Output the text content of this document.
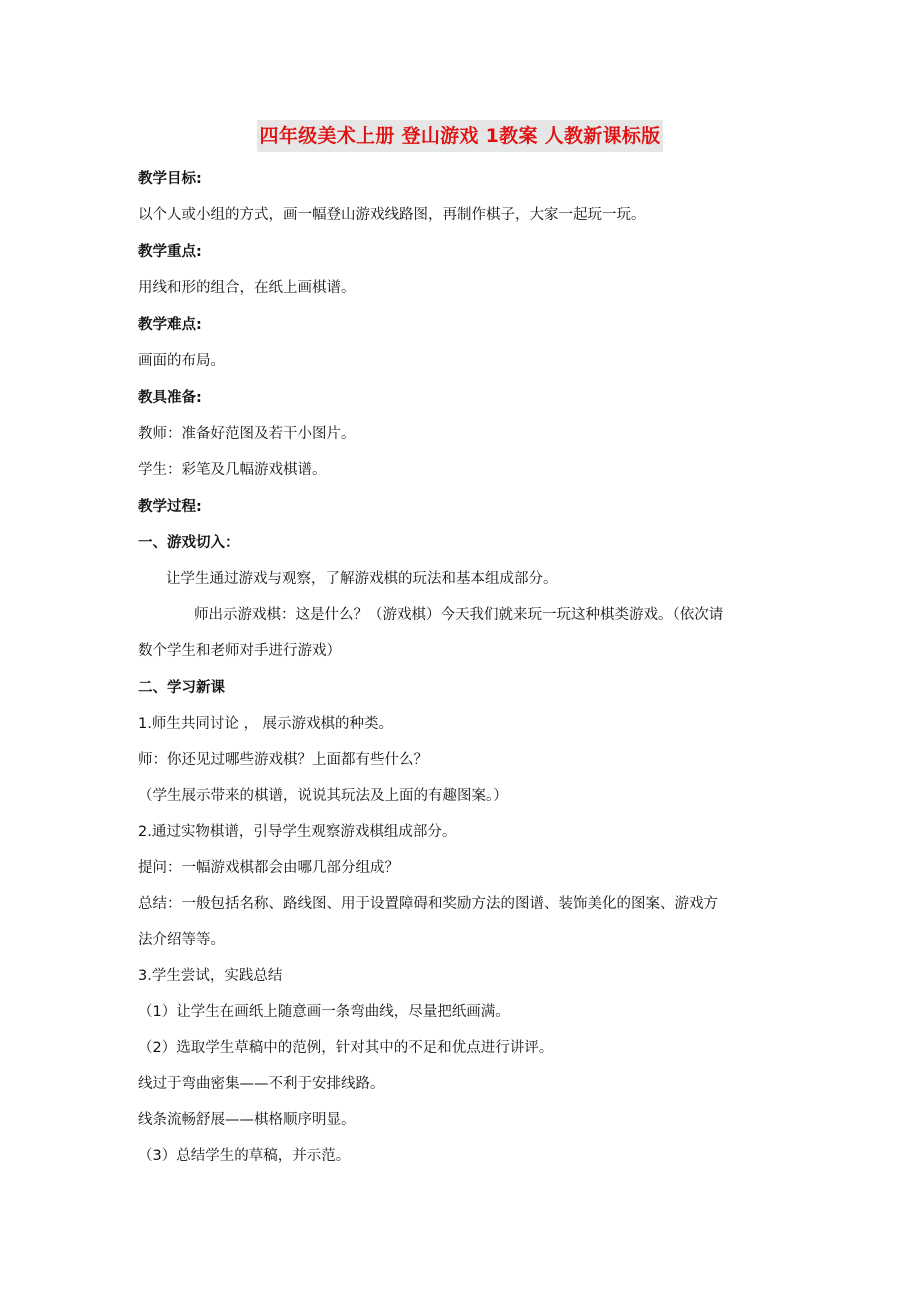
四年级美术上册 登山游戏 1教案 人教新课标版
教学目标:
以个人或小组的方式，画一幅登山游戏线路图，再制作棋子，大家一起玩一玩。
教学重点:
用线和形的组合，在纸上画棋谱。
教学难点:
画面的布局。
教具准备:
教师：准备好范图及若干小图片。
学生：彩笔及几幅游戏棋谱。
教学过程:
一、游戏切入：
让学生通过游戏与观察，了解游戏棋的玩法和基本组成部分。
师出示游戏棋：这是什么？（游戏棋）今天我们就来玩一玩这种棋类游戏。（依次请
数个学生和老师对手进行游戏）
二、学习新课
1.师生共同讨论 ， 展示游戏棋的种类。
师：你还见过哪些游戏棋？上面都有些什么？
（学生展示带来的棋谱，说说其玩法及上面的有趣图案。）
2.通过实物棋谱，引导学生观察游戏棋组成部分。
提问：一幅游戏棋都会由哪几部分组成？
总结：一般包括名称、路线图、用于设置障碍和奖励方法的图谱、装饰美化的图案、游戏方
法介绍等等。
3.学生尝试，实践总结
（1）让学生在画纸上随意画一条弯曲线，尽量把纸画满。
（2）选取学生草稿中的范例，针对其中的不足和优点进行讲评。
线过于弯曲密集——不利于安排线路。
线条流畅舒展——棋格顺序明显。
（3）总结学生的草稿，并示范。
